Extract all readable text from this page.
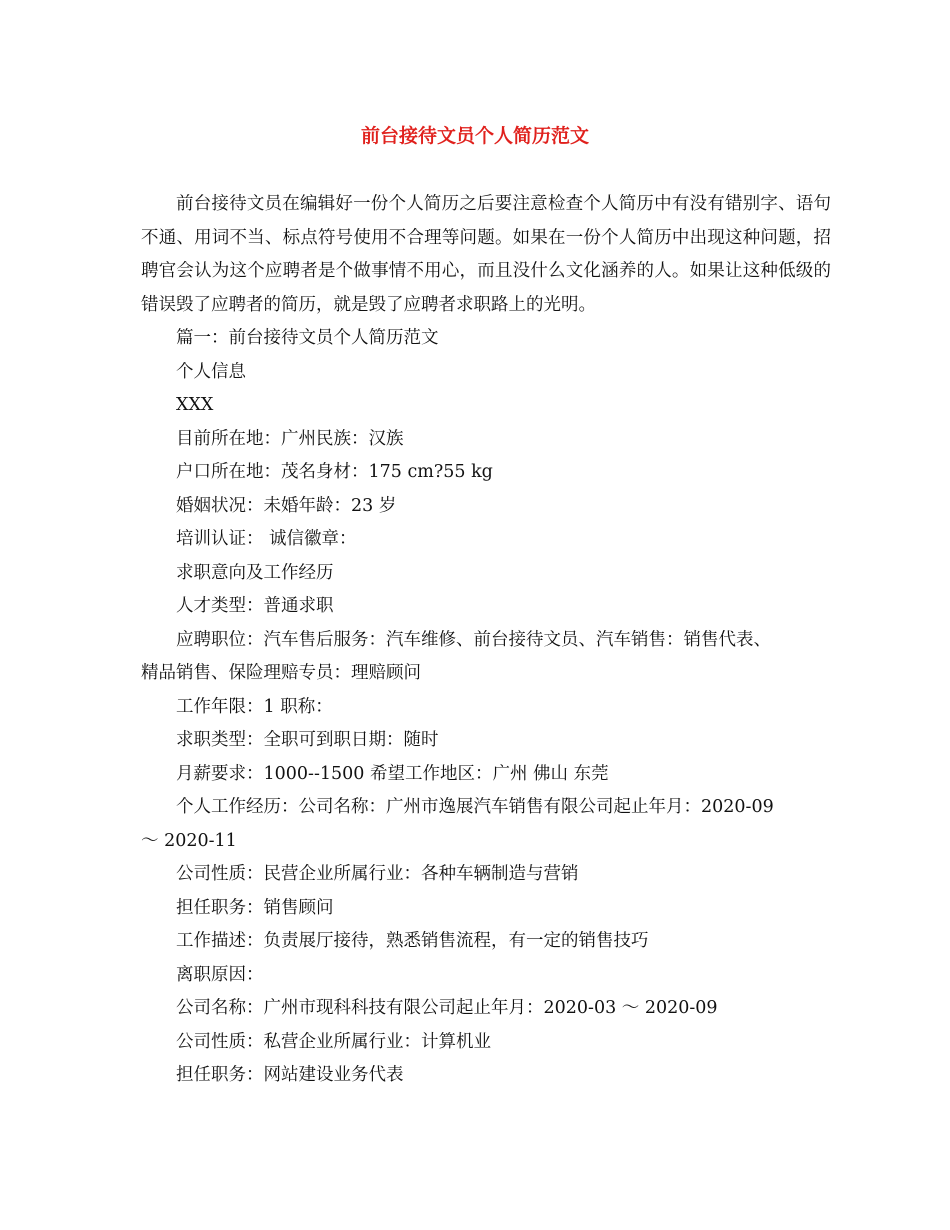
前台接待文员个人简历范文

前台接待文员在编辑好一份个人简历之后要注意检查个人简历中有没有错别字、语句不通、用词不当、标点符号使用不合理等问题。如果在一份个人简历中出现这种问题，招聘官会认为这个应聘者是个做事情不用心，而且没什么文化涵养的人。如果让这种低级的错误毁了应聘者的简历，就是毁了应聘者求职路上的光明。

篇一：前台接待文员个人简历范文

个人信息

XXX

目前所在地：广州民族：汉族

户口所在地：茂名身材：175 cm?55 kg

婚姻状况：未婚年龄：23 岁

培训认证： 诚信徽章：

求职意向及工作经历

人才类型：普通求职

应聘职位：汽车售后服务：汽车维修、前台接待文员、汽车销售：销售代表、

精品销售、保险理赔专员：理赔顾问

工作年限：1 职称：

求职类型：全职可到职日期：随时

月薪要求：1000--1500 希望工作地区：广州 佛山 东莞

个人工作经历：公司名称：广州市逸展汽车销售有限公司起止年月：2020-09

～ 2020-11

公司性质：民营企业所属行业：各种车辆制造与营销

担任职务：销售顾问

工作描述：负责展厅接待，熟悉销售流程，有一定的销售技巧

离职原因：

公司名称：广州市现科科技有限公司起止年月：2020-03 ～ 2020-09

公司性质：私营企业所属行业：计算机业

担任职务：网站建设业务代表
